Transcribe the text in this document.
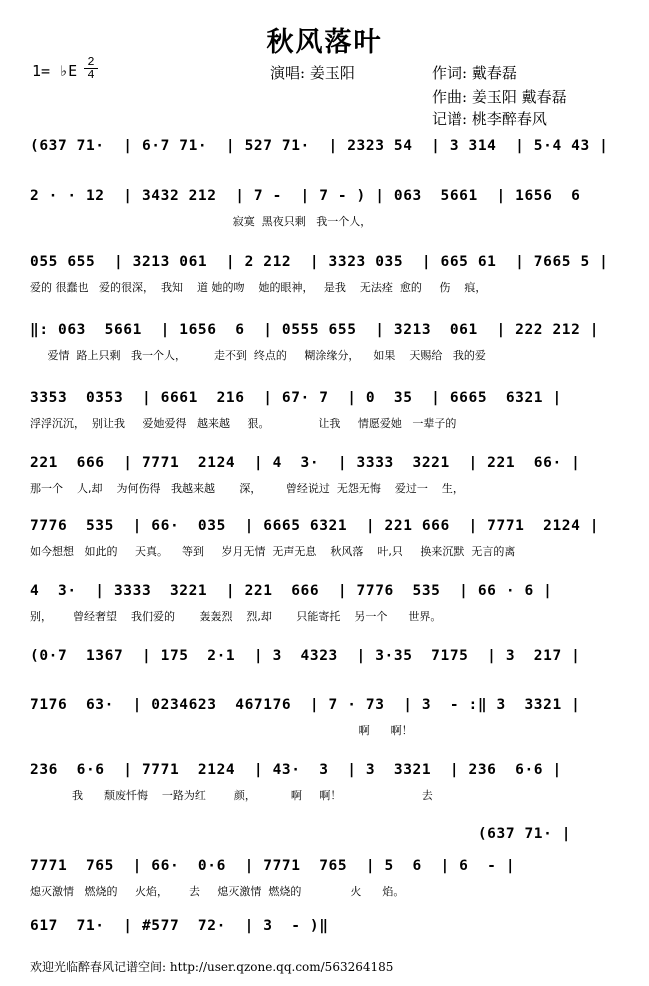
秋风落叶
1= ♭E 2
4	演唱: 姜玉阳	作词: 戴春磊
作曲: 姜玉阳 戴春磊
记谱: 桃李醉春风
(637 71·  | 6·7 71·  | 527 71·  | 2323 54  | 3 314  | 5·4 43 |
2 · · 12  | 3432 212  | 7 -  | 7 - ) | 063  5661  | 1656  6
寂寞  黑夜只剩   我一个人，
055 655  | 3213 061  | 2 212  | 3323 035  | 665 61  | 7665 5 |
爱的 很蠢也   爱的很深，  我知    道 她的吻    她的眼神，   是我    无法痊  愈的     伤    痕，
‖: 063  5661  | 1656  6  | 0555 655  | 3213  061  | 222 212 |
爱情  路上只剩   我一个人，        走不到  终点的     糊涂缘分，    如果    天赐给   我的爱
3353  0353  | 6661  216  | 67· 7  | 0  35  | 6665  6321 |
浮浮沉沉，  别让我     爱她爱得   越来越     狠。              让我     情愿爱她   一辈子的
221  666  | 7771  2124  | 4  3·  | 3333  3221  | 221  66· |
那一个    人,却    为何伤得   我越来越       深，       曾经说过  无怨无悔    爱过一    生，
7776  535  | 66·  035  | 6665 6321  | 221 666  | 7771  2124 |
如今想想   如此的     天真。    等到     岁月无情  无声无息    秋风落    叶,只     换来沉默  无言的离
4  3·  | 3333  3221  | 221  666  | 7776  535  | 66 · 6 |
别，      曾经奢望    我们爱的       轰轰烈    烈,却       只能寄托    另一个      世界。
(0·7  1367  | 175  2·1  | 3  4323  | 3·35  7175  | 3  217 |
7176  63·  | 0234623  467176  | 7 · 73  | 3  - :‖ 3  3321 |
啊      啊！
236  6·6  | 7771  2124  | 43·  3  | 3  3321  | 236  6·6 |
我      颓废忏悔    一路为红        颜，          啊     啊！                       去
(637 71· |
7771  765  | 66·  0·6  | 7771  765  | 5  6  | 6  - |
熄灭激情   燃烧的     火焰，      去     熄灭激情  燃烧的              火      焰。
617  71·  | #577  72·  | 3  - )‖
欢迎光临醉春风记谱空间: http://user.qzone.qq.com/563264185
